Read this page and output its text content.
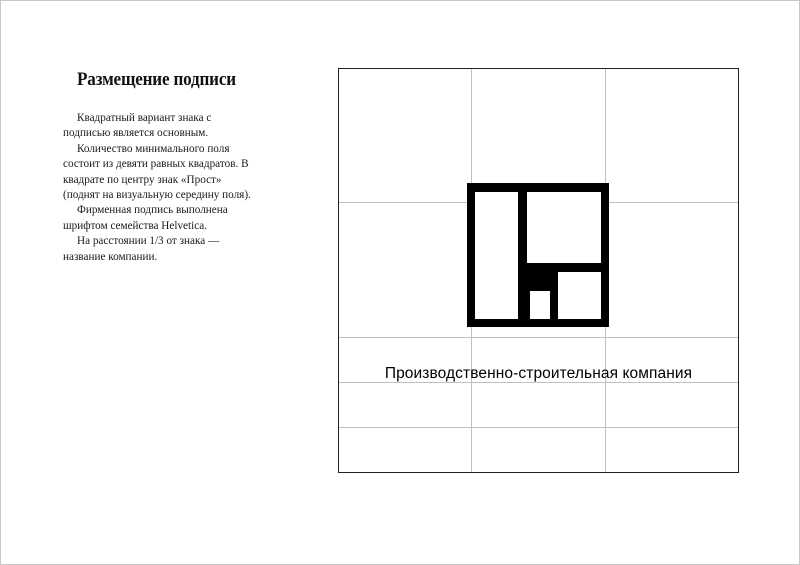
Размещение подписи

Квадратный вариант знака с подписью является основным.

Количество минимального поля состоит из девяти равных квадратов. В квадрате по центру знак «Прост» (поднят на визуальную середину поля).

Фирменная подпись выполнена шрифтом семейства Helvetica.

На расстоянии 1/3 от знака — название компании.

Производственно-строительная компания
